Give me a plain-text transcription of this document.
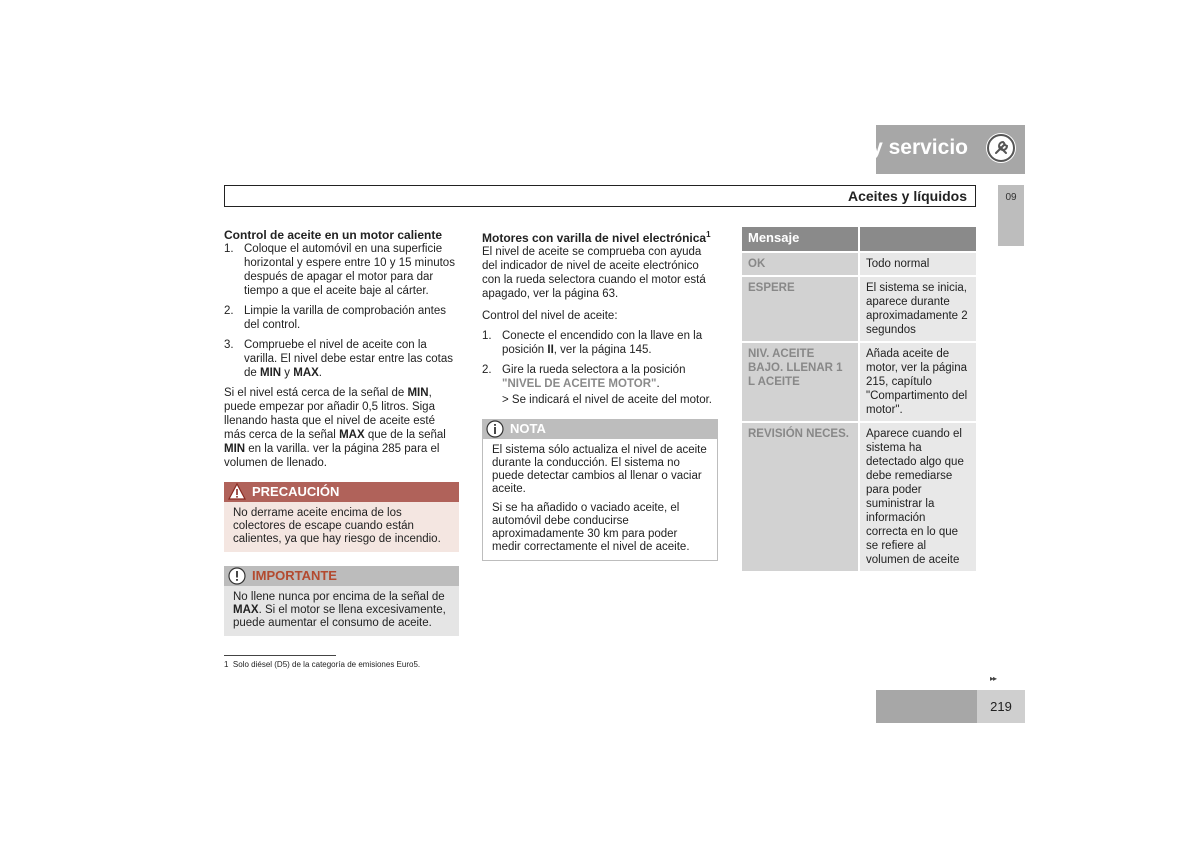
09 Mantenimiento y servicio
Aceites y líquidos	09

Control de aceite en un motor caliente

1. Coloque el automóvil en una superficie horizontal y espere entre 10 y 15 minutos después de apagar el motor para dar tiempo a que el aceite baje al cárter.
2. Limpie la varilla de comprobación antes del control.
3. Compruebe el nivel de aceite con la varilla. El nivel debe estar entre las cotas de MIN y MAX.

Si el nivel está cerca de la señal de MIN, puede empezar por añadir 0,5 litros. Siga llenando hasta que el nivel de aceite esté más cerca de la señal MAX que de la señal MIN en la varilla. ver la página 285 para el volumen de llenado.

PRECAUCIÓN
No derrame aceite encima de los colectores de escape cuando están calientes, ya que hay riesgo de incendio.
IMPORTANTE
No llene nunca por encima de la señal de MAX. Si el motor se llena excesivamente, puede aumentar el consumo de aceite.

Motores con varilla de nivel electrónica$^1$

El nivel de aceite se comprueba con ayuda del indicador de nivel de aceite electrónico con la rueda selectora cuando el motor está apagado, ver la página 63.

Control del nivel de aceite:

1. Conecte el encendido con la llave en la posición II, ver la página 145.
2. Gire la rueda selectora a la posición "NIVEL DE ACEITE MOTOR".

> Se indicará el nivel de aceite del motor.

NOTA

El sistema sólo actualiza el nivel de aceite durante la conducción. El sistema no puede detectar cambios al llenar o vaciar aceite.

Si se ha añadido o vaciado aceite, el automóvil debe conducirse aproximadamente 30 km para poder medir correctamente el nivel de aceite.

Mensaje	
OK	Todo normal
ESPERE	El sistema se inicia, aparece durante aproximadamente 2 segundos
NIV. ACEITE BAJO. LLENAR 1 L ACEITE	Añada aceite de motor, ver la página 215, capítulo "Compartimento del motor".
REVISIÓN NECES.	Aparece cuando el sistema ha detectado algo que debe remediarse para poder suministrar la información correcta en lo que se refiere al volumen de aceite
1 Solo diésel (D5) de la categoría de emisiones Euro5.
▸▸
219
